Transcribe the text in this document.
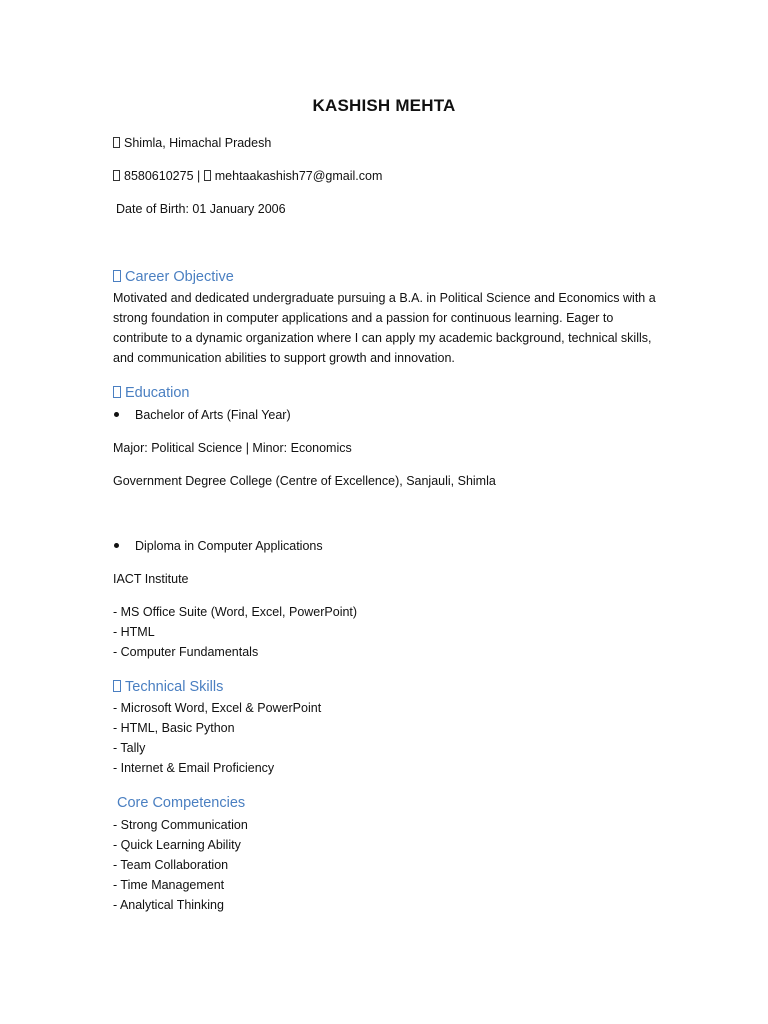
KASHISH MEHTA
Shimla, Himachal Pradesh
8580610275 | mehtaakashish77@gmail.com
Date of Birth: 01 January 2006
Career Objective
Motivated and dedicated undergraduate pursuing a B.A. in Political Science and Economics with a strong foundation in computer applications and a passion for continuous learning. Eager to contribute to a dynamic organization where I can apply my academic background, technical skills, and communication abilities to support growth and innovation.
Education
Bachelor of Arts (Final Year)
Major: Political Science | Minor: Economics
Government Degree College (Centre of Excellence), Sanjauli, Shimla
Diploma in Computer Applications
IACT Institute
- MS Office Suite (Word, Excel, PowerPoint)
- HTML
- Computer Fundamentals
Technical Skills
- Microsoft Word, Excel & PowerPoint
- HTML, Basic Python
- Tally
- Internet & Email Proficiency
Core Competencies
- Strong Communication
- Quick Learning Ability
- Team Collaboration
- Time Management
- Analytical Thinking
